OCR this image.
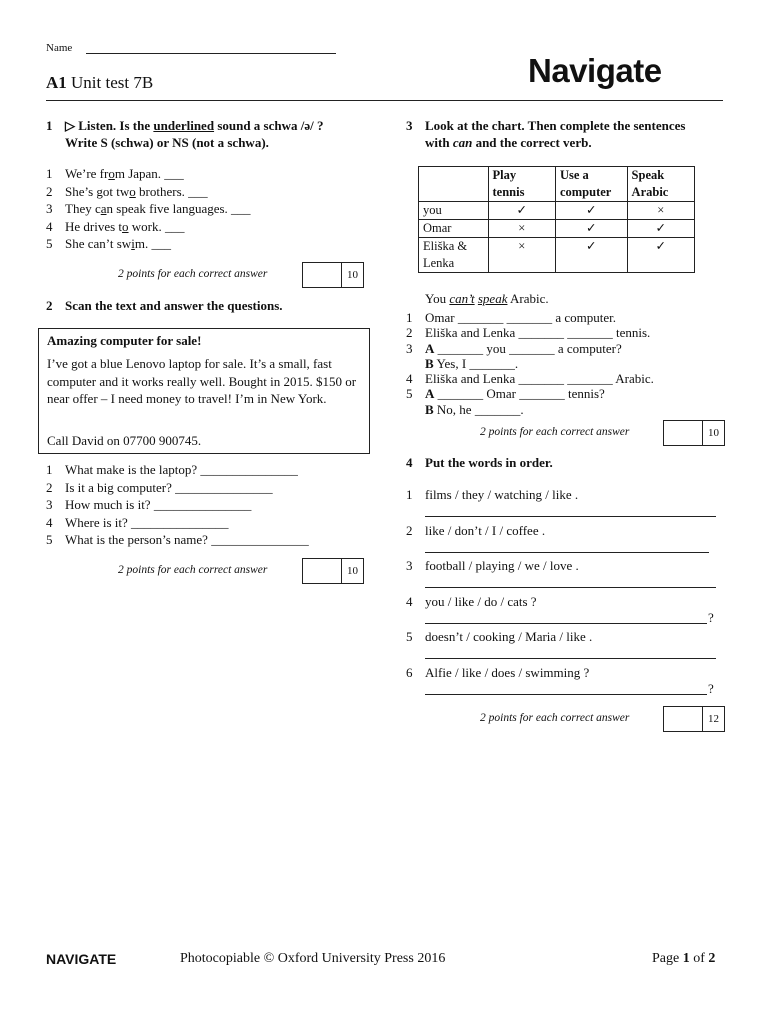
Name
A1 Unit test 7B	Navigate
1 ▷ Listen. Is the underlined sound a schwa /ə/ ?
Write S (schwa) or NS (not a schwa).
1 We’re from Japan. ___
2 She’s got two brothers. ___
3 They can speak five languages. ___
4 He drives to work. ___
5 She can’t swim. ___
2 points for each correct answer	10
2 Scan the text and answer the questions.
Amazing computer for sale!
I’ve got a blue Lenovo laptop for sale. It’s a small, fast computer and it works really well. Bought in 2015. $150 or near offer – I need money to travel! I’m in New York.
Call David on 07700 900745.
1 What make is the laptop? _______________
2 Is it a big computer? _______________
3 How much is it? _______________
4 Where is it? _______________
5 What is the person’s name? _______________
2 points for each correct answer	10
3 Look at the chart. Then complete the sentences
with can and the correct verb.
	Play tennis	Use a computer	Speak Arabic
you	✓	✓	×
Omar	×	✓	✓
Eliška & Lenka	×	✓	✓
You can’t speak Arabic.
1 Omar _______ _______ a computer.
2 Eliška and Lenka _______ _______ tennis.
3 A _______ you _______ a computer?
B Yes, I _______.
4 Eliška and Lenka _______ _______ Arabic.
5 A _______ Omar _______ tennis?
B No, he _______.
2 points for each correct answer	10
4 Put the words in order.
1 films / they / watching / like .
2 like / don’t / I / coffee .
3 football / playing / we / love .
4 you / like / do / cats ?
?
5 doesn’t / cooking / Maria / like .
6 Alfie / like / does / swimming ?
?
2 points for each correct answer	12
NAVIGATE	Photocopiable © Oxford University Press 2016	Page 1 of 2
